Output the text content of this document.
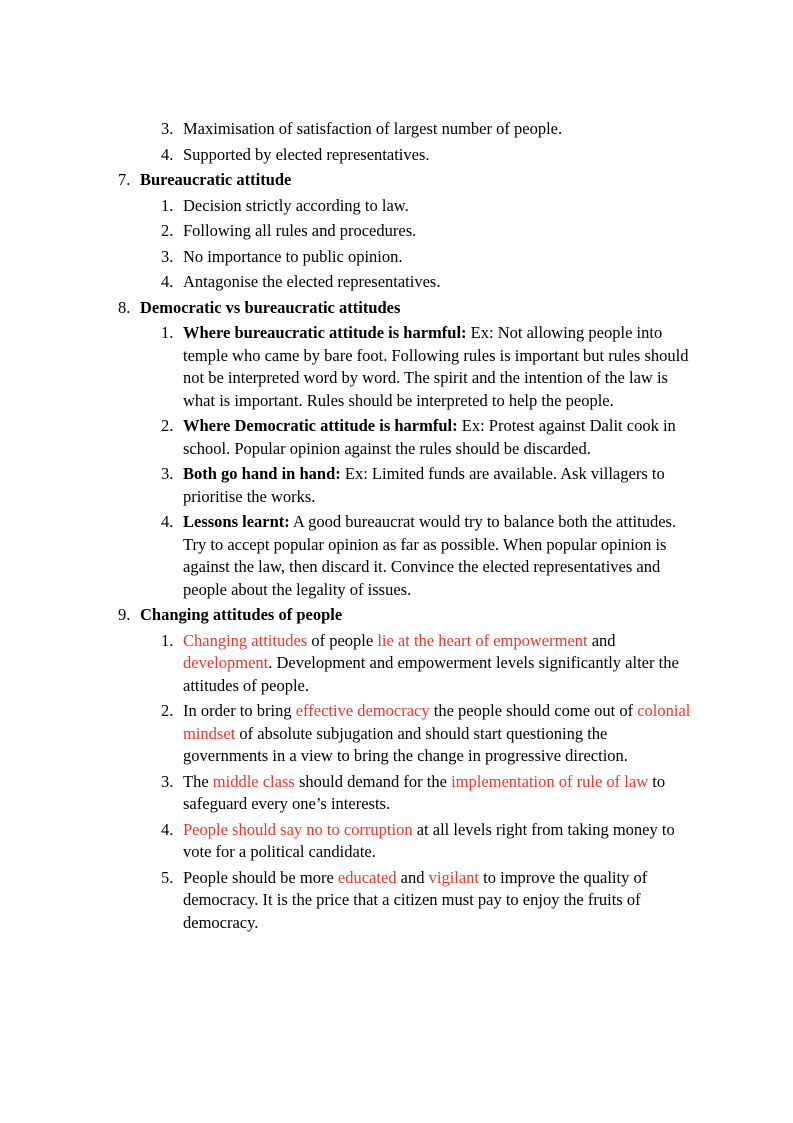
3. Maximisation of satisfaction of largest number of people.
4. Supported by elected representatives.
7. Bureaucratic attitude
1. Decision strictly according to law.
2. Following all rules and procedures.
3. No importance to public opinion.
4. Antagonise the elected representatives.
8. Democratic vs bureaucratic attitudes
1. Where bureaucratic attitude is harmful: Ex: Not allowing people into temple who came by bare foot. Following rules is important but rules should not be interpreted word by word. The spirit and the intention of the law is what is important. Rules should be interpreted to help the people.
2. Where Democratic attitude is harmful: Ex: Protest against Dalit cook in school. Popular opinion against the rules should be discarded.
3. Both go hand in hand: Ex: Limited funds are available. Ask villagers to prioritise the works.
4. Lessons learnt: A good bureaucrat would try to balance both the attitudes. Try to accept popular opinion as far as possible. When popular opinion is against the law, then discard it. Convince the elected representatives and people about the legality of issues.
9. Changing attitudes of people
1. Changing attitudes of people lie at the heart of empowerment and development. Development and empowerment levels significantly alter the attitudes of people.
2. In order to bring effective democracy the people should come out of colonial mindset of absolute subjugation and should start questioning the governments in a view to bring the change in progressive direction.
3. The middle class should demand for the implementation of rule of law to safeguard every one’s interests.
4. People should say no to corruption at all levels right from taking money to vote for a political candidate.
5. People should be more educated and vigilant to improve the quality of democracy. It is the price that a citizen must pay to enjoy the fruits of democracy.
